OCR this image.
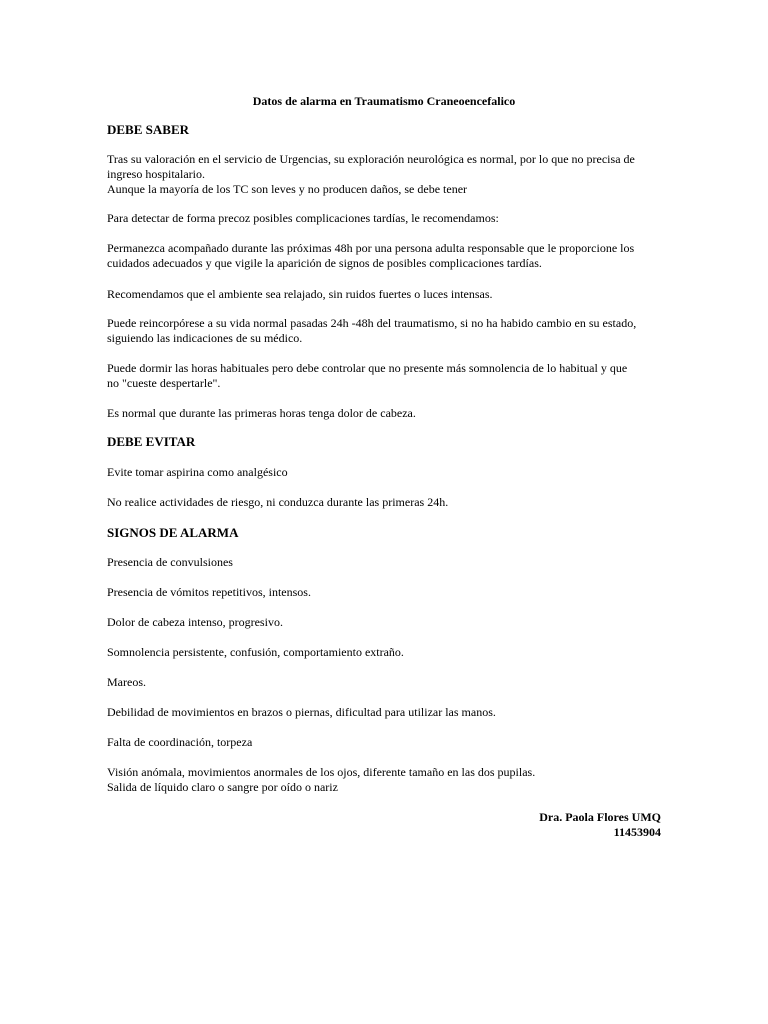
Datos de alarma en Traumatismo Craneoencefalico
DEBE SABER
Tras su valoración en el servicio de Urgencias, su exploración neurológica es normal, por lo que no precisa de
ingreso hospitalario.
Aunque la mayoría de los TC son leves y no producen daños, se debe tener
Para detectar de forma precoz posibles complicaciones tardías, le recomendamos:
Permanezca acompañado durante las próximas 48h por una persona adulta responsable que le proporcione los
cuidados adecuados y que vigile la aparición de signos de posibles complicaciones tardías.
Recomendamos que el ambiente sea relajado, sin ruidos fuertes o luces intensas.
Puede reincorpórese a su vida normal pasadas 24h -48h del traumatismo, si no ha habido cambio en su estado,
siguiendo las indicaciones de su médico.
Puede dormir las horas habituales pero debe controlar que no presente más somnolencia de lo habitual y que
no "cueste despertarle".
Es normal que durante las primeras horas tenga dolor de cabeza.
DEBE EVITAR
Evite tomar aspirina como analgésico
No realice actividades de riesgo, ni conduzca durante las primeras 24h.
SIGNOS DE ALARMA
Presencia de convulsiones
Presencia de vómitos repetitivos, intensos.
Dolor de cabeza intenso, progresivo.
Somnolencia persistente, confusión, comportamiento extraño.
Mareos.
Debilidad de movimientos en brazos o piernas, dificultad para utilizar las manos.
Falta de coordinación, torpeza
Visión anómala, movimientos anormales de los ojos, diferente tamaño en las dos pupilas.
Salida de líquido claro o sangre por oído o nariz
Dra. Paola Flores UMQ
11453904
